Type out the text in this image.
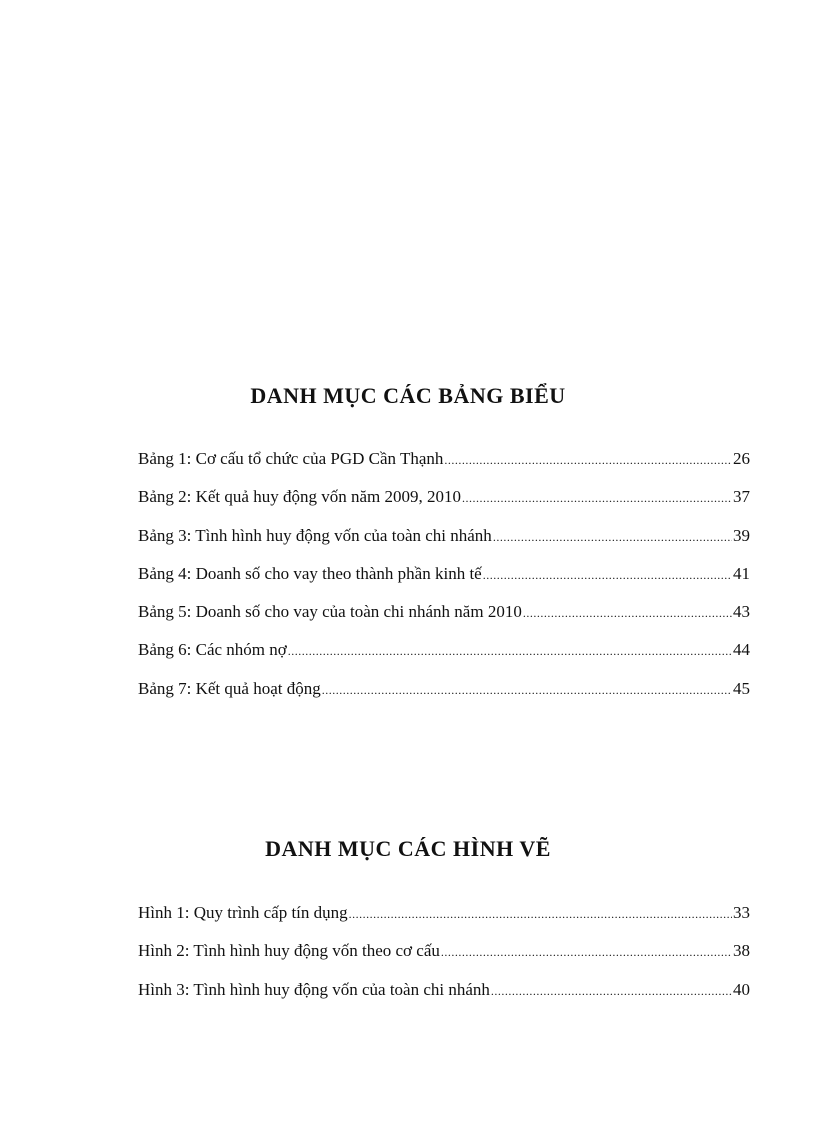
DANH MỤC CÁC BẢNG BIỂU
Bảng 1: Cơ cấu tổ chức của PGD Cần Thạnh .....	26
Bảng 2: Kết quả huy động vốn năm 2009, 2010 .....	37
Bảng 3: Tình hình huy động vốn của toàn chi nhánh .....	39
Bảng 4: Doanh số cho vay theo thành phần kinh tế .....	41
Bảng 5: Doanh số cho vay của toàn chi nhánh năm 2010 .....	43
Bảng 6: Các nhóm nợ .....	44
Bảng 7: Kết quả hoạt động .....	45
DANH MỤC CÁC HÌNH VẼ
Hình 1: Quy trình cấp tín dụng .....	33
Hình 2: Tình hình huy động vốn theo cơ cấu .....	38
Hình 3: Tình hình huy động vốn của toàn chi nhánh .....	40
